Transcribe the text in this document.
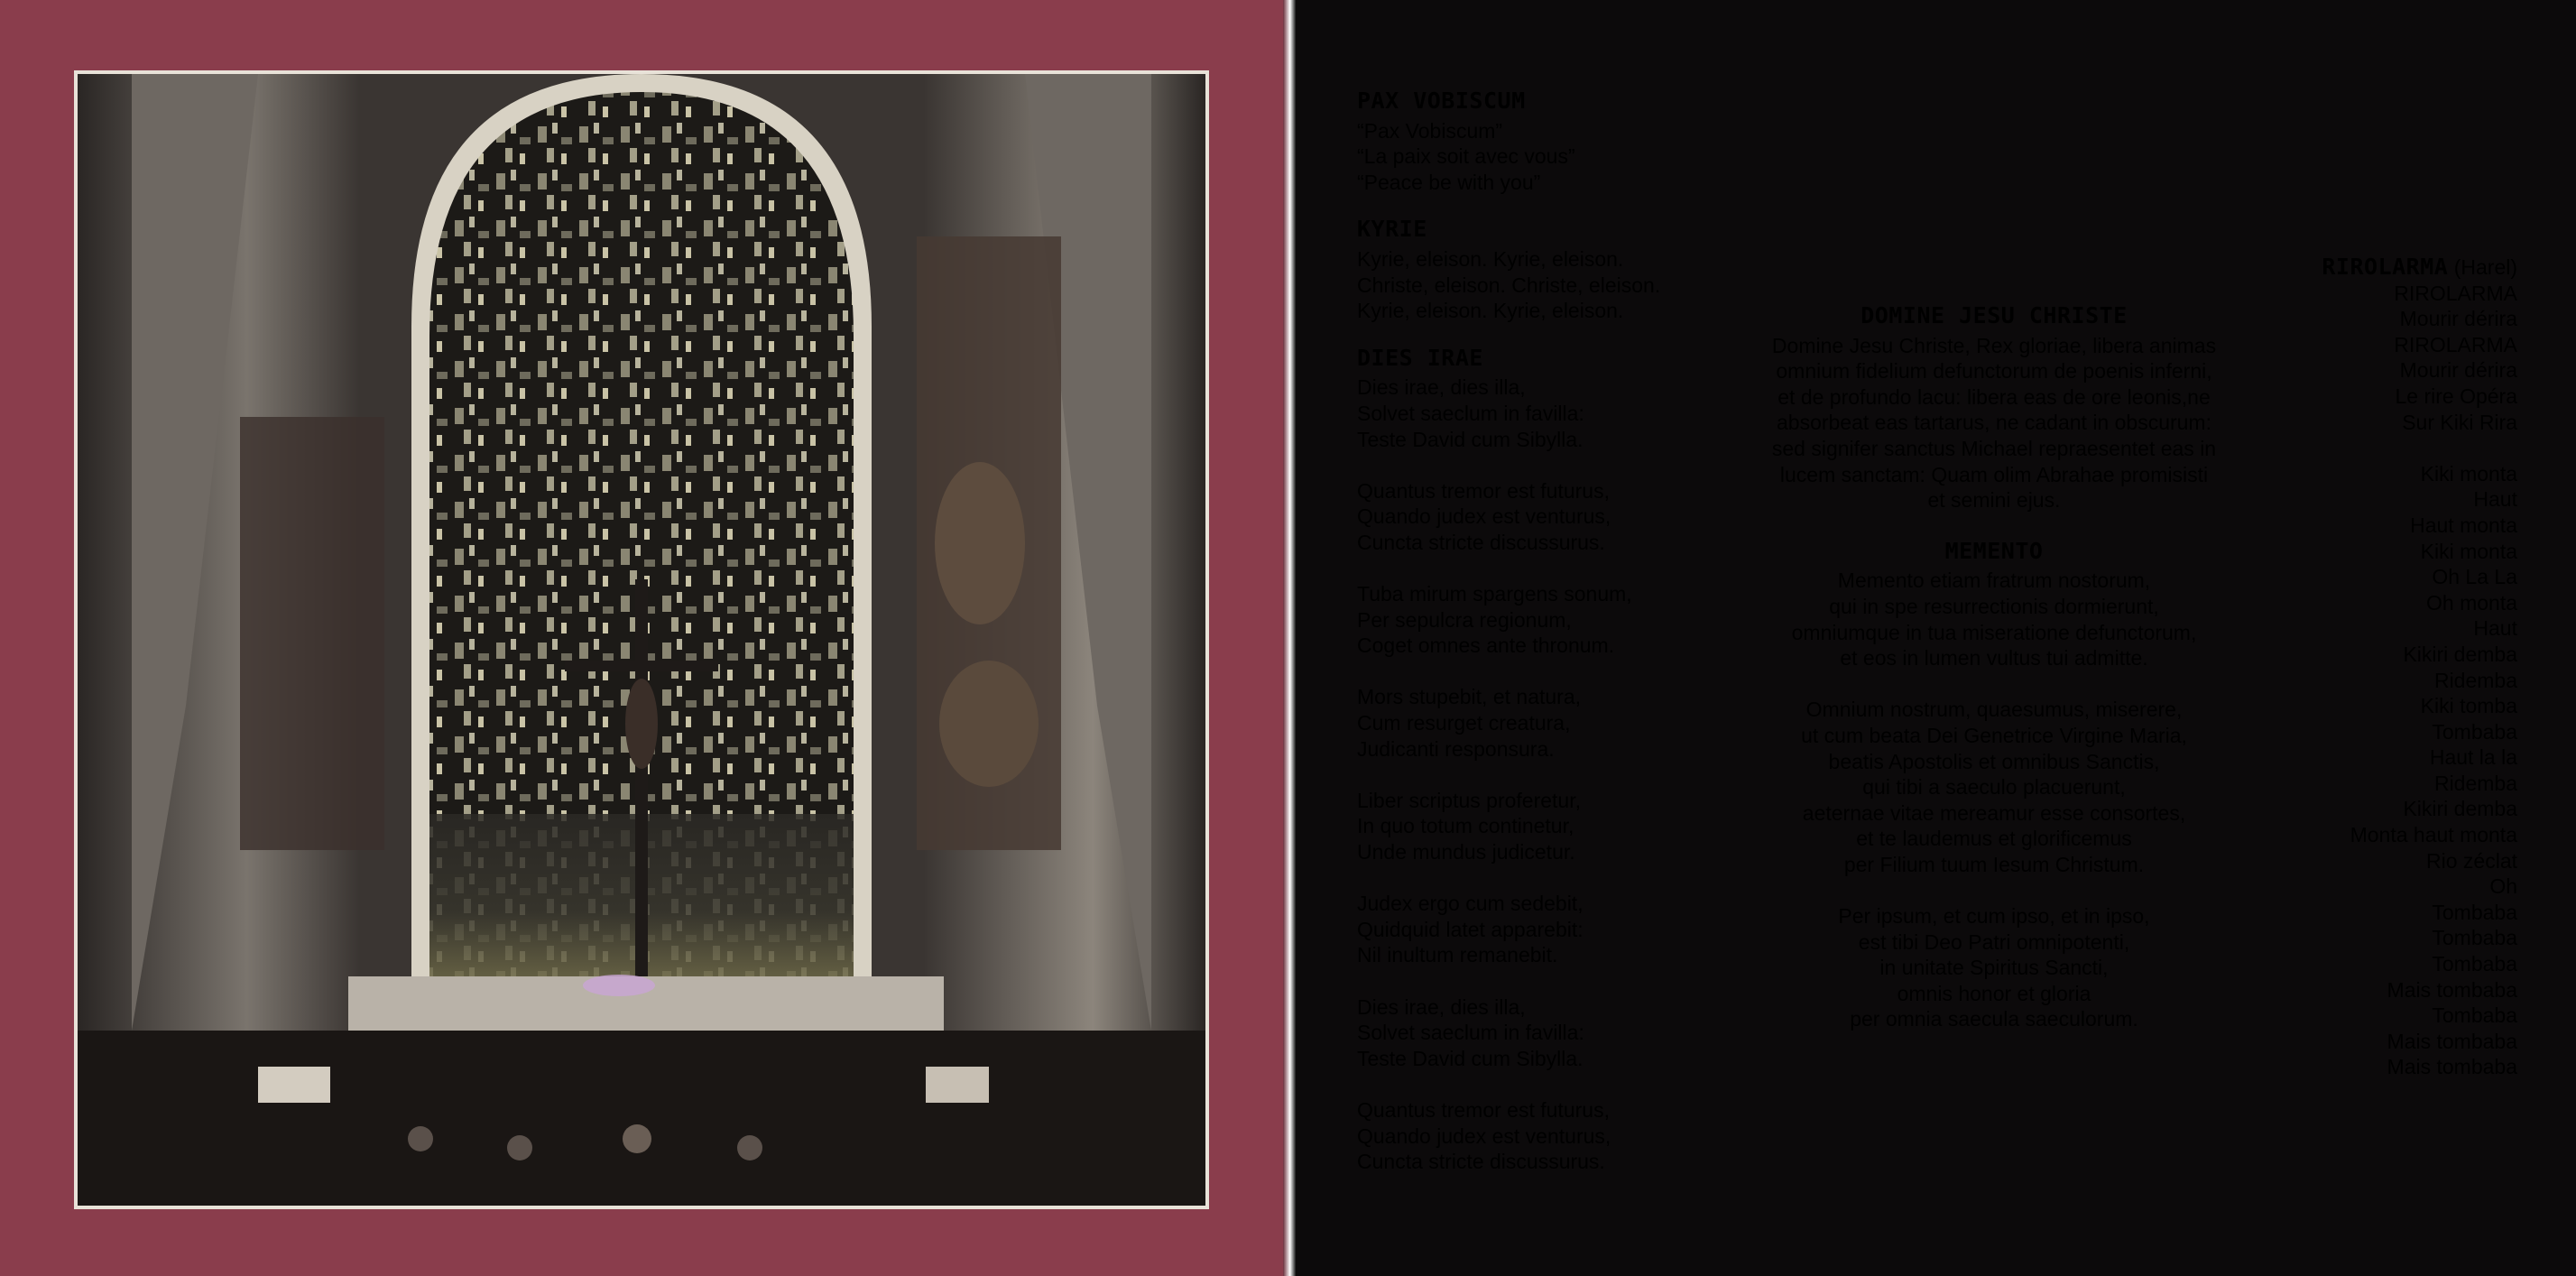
PAX VOBISCUM
“Pax Vobiscum”
“La paix soit avec vous”
“Peace be with you”
KYRIE
Kyrie, eleison. Kyrie, eleison.
Christe, eleison. Christe, eleison.
Kyrie, eleison. Kyrie, eleison.
DIES IRAE
Dies irae, dies illa,
Solvet saeclum in favilla:
Teste David cum Sibylla.

Quantus tremor est futurus,
Quando judex est venturus,
Cuncta stricte discussurus.

Tuba mirum spargens sonum,
Per sepulcra regionum,
Coget omnes ante thronum.

Mors stupebit, et natura,
Cum resurget creatura,
Judicanti responsura.

Liber scriptus proferetur,
In quo totum continetur,
Unde mundus judicetur.

Judex ergo cum sedebit,
Quidquid latet apparebit:
Nil inultum remanebit.

Dies irae, dies illa,
Solvet saeclum in favilla:
Teste David cum Sibylla.

Quantus tremor est futurus,
Quando judex est venturus,
Cuncta stricte discussurus.
DOMINE JESU CHRISTE
Domine Jesu Christe, Rex gloriae, libera animas
omnium fidelium defunctorum de poenis inferni,
et de profundo lacu: libera eas de ore leonis,ne
absorbeat eas tartarus, ne cadant in obscurum:
sed signifer sanctus Michael repraesentet eas in
lucem sanctam: Quam olim Abrahae promisisti
et semini ejus.
MEMENTO
Memento etiam fratrum nostorum,
qui in spe resurrectionis dormierunt,
omniumque in tua miseratione defunctorum,
et eos in lumen vultus tui admitte.

Omnium nostrum, quaesumus, miserere,
ut cum beata Dei Genetrice Virgine Maria,
beatis Apostolis et omnibus Sanctis,
qui tibi a saeculo placuerunt,
aeternae vitae mereamur esse consortes,
et te laudemus et glorificemus
per Filium tuum Iesum Christum.

Per ipsum, et cum ipso, et in ipso,
est tibi Deo Patri omnipotenti,
in unitate Spiritus Sancti,
omnis honor et gloria
per omnia saecula saeculorum.
RIROLARMA (Harel)
RIROLARMA
Mourir dérira
RIROLARMA
Mourir dérira
Le rire Opéra
Sur Kiki Rira

Kiki monta
Haut
Haut monta
Kiki monta
Oh La La
Oh monta
Haut
Kikiri demba
Ridemba
Kiki tomba
Tombaba
Haut la la
Ridemba
Kikiri demba
Monta haut monta
Rio zéclat
Oh
Tombaba
Tombaba
Tombaba
Mais tombaba
Tombaba
Mais tombaba
Mais tombaba
